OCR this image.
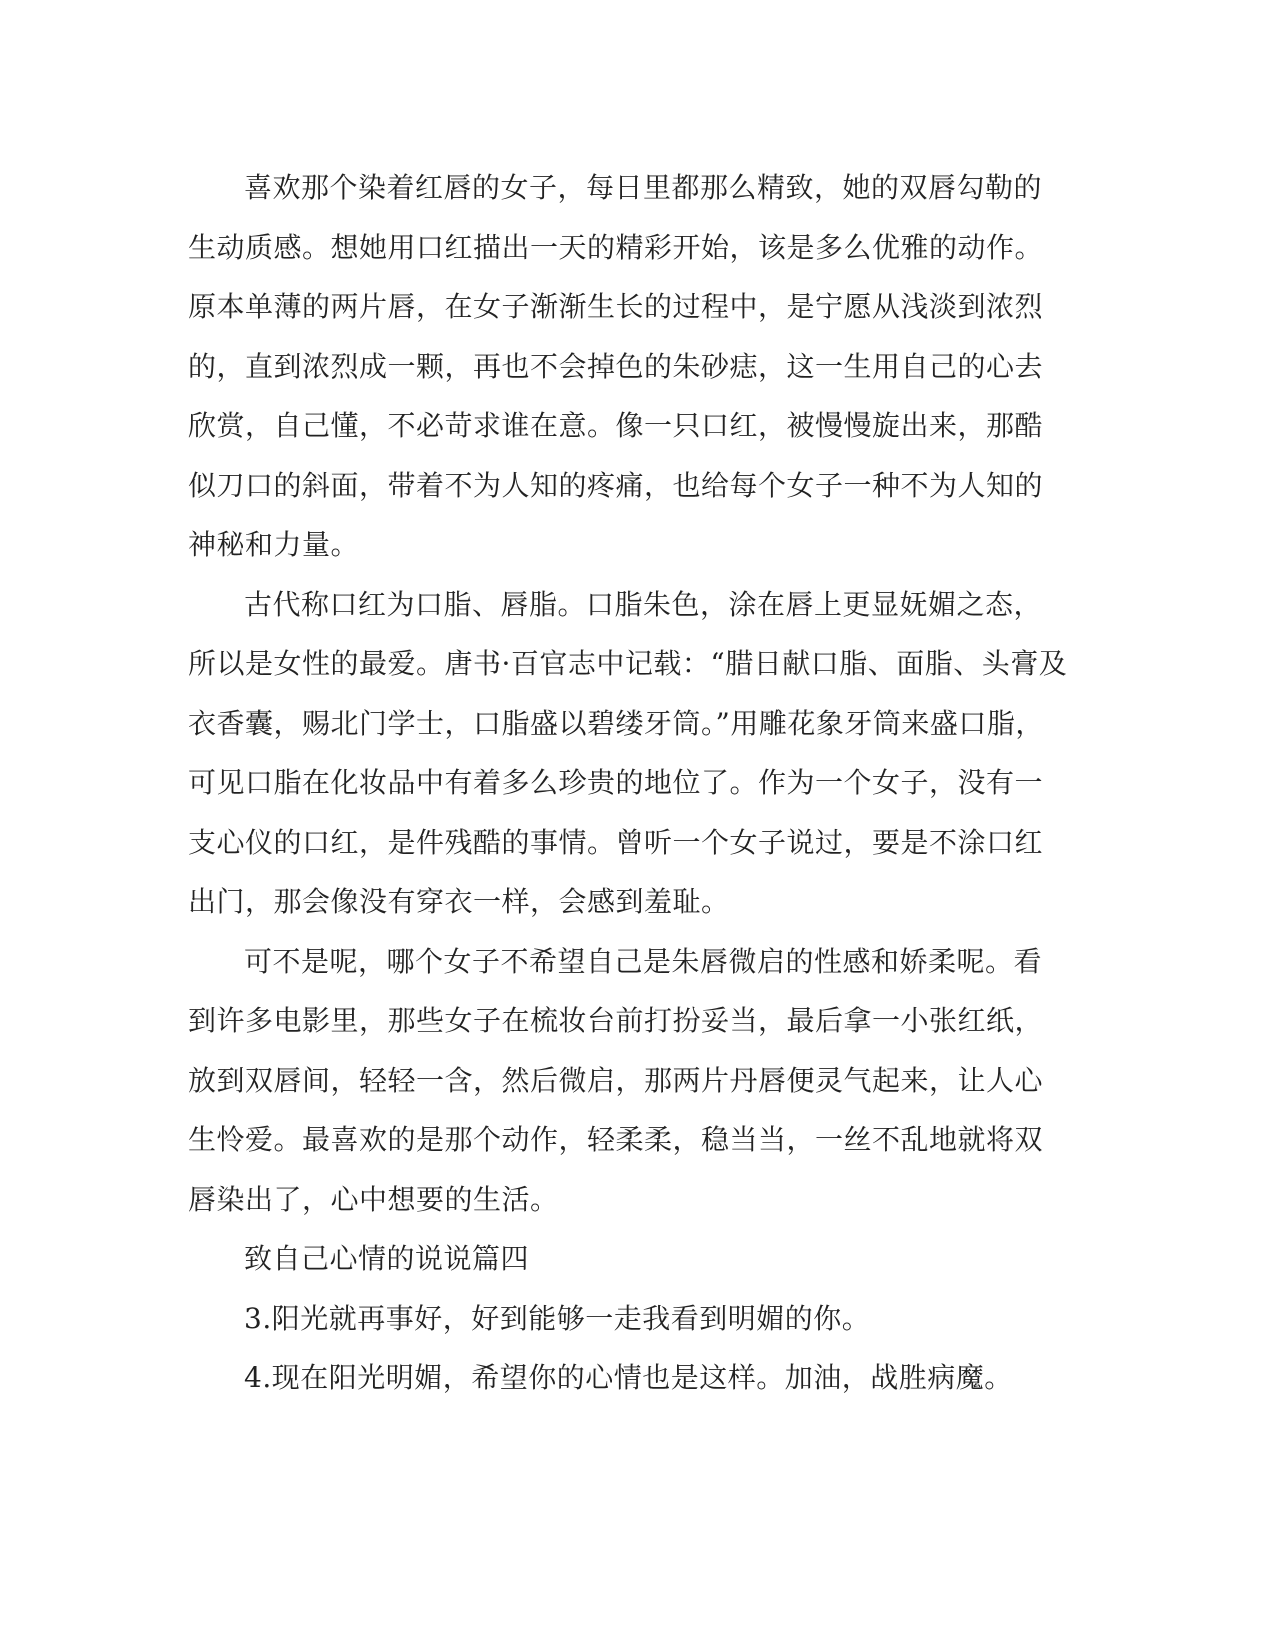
喜欢那个染着红唇的女子，每日里都那么精致，她的双唇勾勒的
生动质感。想她用口红描出一天的精彩开始，该是多么优雅的动作。
原本单薄的两片唇，在女子渐渐生长的过程中，是宁愿从浅淡到浓烈
的，直到浓烈成一颗，再也不会掉色的朱砂痣，这一生用自己的心去
欣赏，自己懂，不必苛求谁在意。像一只口红，被慢慢旋出来，那酷
似刀口的斜面，带着不为人知的疼痛，也给每个女子一种不为人知的
神秘和力量。

古代称口红为口脂、唇脂。口脂朱色，涂在唇上更显妩媚之态，
所以是女性的最爱。唐书·百官志中记载：“腊日献口脂、面脂、头膏及
衣香囊，赐北门学士，口脂盛以碧缕牙筒。”用雕花象牙筒来盛口脂，
可见口脂在化妆品中有着多么珍贵的地位了。作为一个女子，没有一
支心仪的口红，是件残酷的事情。曾听一个女子说过，要是不涂口红
出门，那会像没有穿衣一样，会感到羞耻。

可不是呢，哪个女子不希望自己是朱唇微启的性感和娇柔呢。看
到许多电影里，那些女子在梳妆台前打扮妥当，最后拿一小张红纸，
放到双唇间，轻轻一含，然后微启，那两片丹唇便灵气起来，让人心
生怜爱。最喜欢的是那个动作，轻柔柔，稳当当，一丝不乱地就将双
唇染出了，心中想要的生活。

致自己心情的说说篇四

3.阳光就再事好，好到能够一走我看到明媚的你。

4.现在阳光明媚，希望你的心情也是这样。加油，战胜病魔。
